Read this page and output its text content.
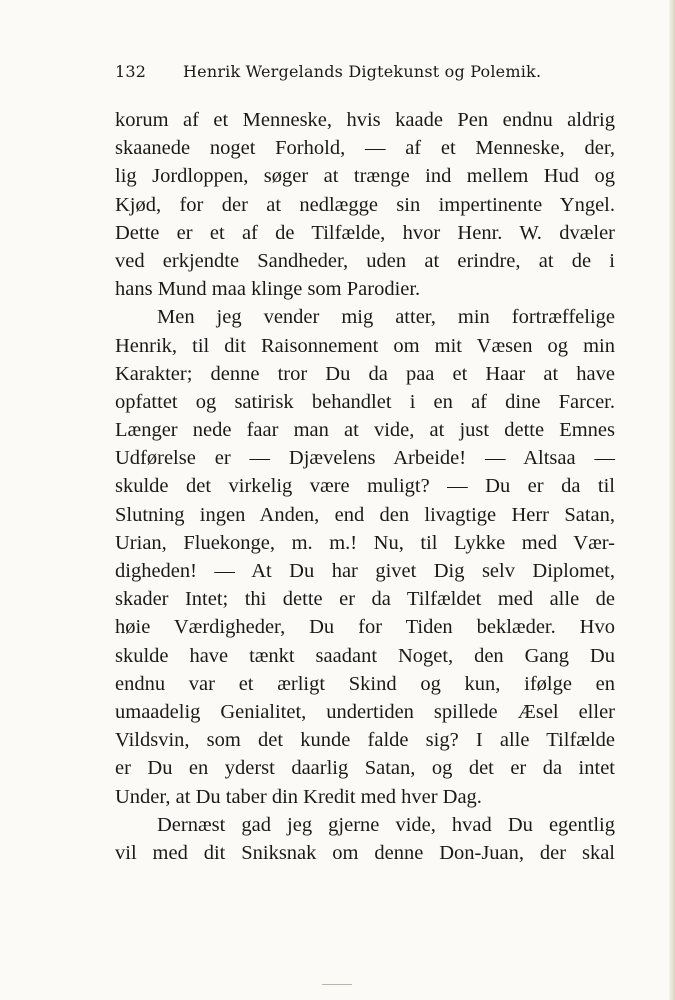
132 Henrik Wergelands Digtekunst og Polemik.
korum af et Menneske, hvis kaade Pen endnu aldrig
skaanede noget Forhold, — af et Menneske, der,
lig Jordloppen, søger at trænge ind mellem Hud og
Kjød, for der at nedlægge sin impertinente Yngel.
Dette er et af de Tilfælde, hvor Henr. W. dvæler
ved erkjendte Sandheder, uden at erindre, at de i
hans Mund maa klinge som Parodier.
Men jeg vender mig atter, min fortræffelige
Henrik, til dit Raisonnement om mit Væsen og min
Karakter; denne tror Du da paa et Haar at have
opfattet og satirisk behandlet i en af dine Farcer.
Længer nede faar man at vide, at just dette Emnes
Udførelse er — Djævelens Arbeide! — Altsaa —
skulde det virkelig være muligt? — Du er da til
Slutning ingen Anden, end den livagtige Herr Satan,
Urian, Fluekonge, m. m.! Nu, til Lykke med Vær-
digheden! — At Du har givet Dig selv Diplomet,
skader Intet; thi dette er da Tilfældet med alle de
høie Værdigheder, Du for Tiden beklæder. Hvo
skulde have tænkt saadant Noget, den Gang Du
endnu var et ærligt Skind og kun, ifølge en
umaadelig Genialitet, undertiden spillede Æsel eller
Vildsvin, som det kunde falde sig? I alle Tilfælde
er Du en yderst daarlig Satan, og det er da intet
Under, at Du taber din Kredit med hver Dag.
Dernæst gad jeg gjerne vide, hvad Du egentlig
vil med dit Sniksnak om denne Don-Juan, der skal
